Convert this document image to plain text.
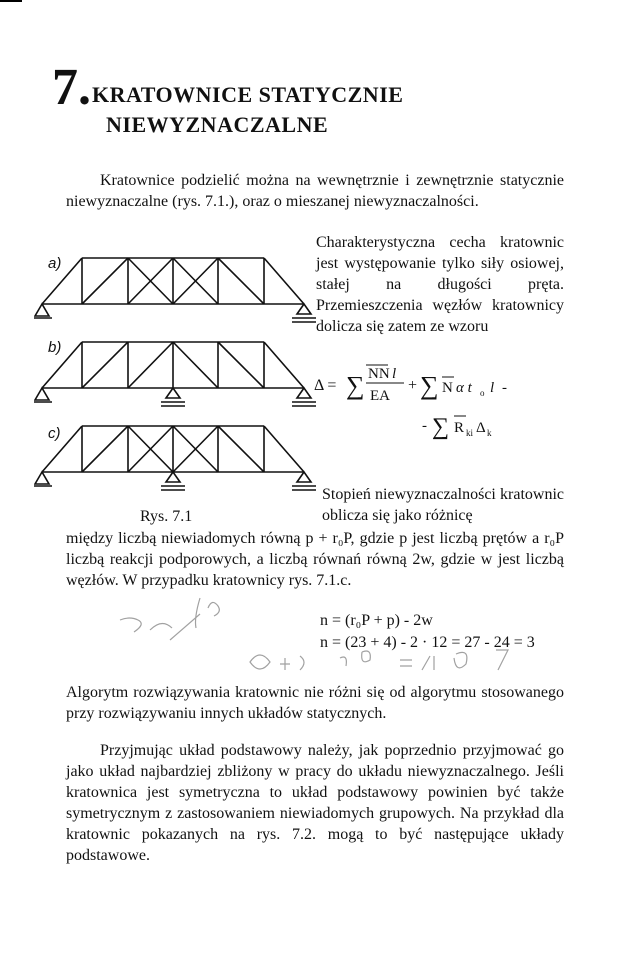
7. KRATOWNICE STATYCZNIE
NIEWYZNACZALNE
Kratownice podzielić można na wewnętrznie i zewnętrznie statycznie niewyznaczalne (rys. 7.1.), oraz o mieszanej niewyznaczalności.
a)
b)
c)
Charakterystyczna cecha kratownic jest występowanie tylko siły osiowej, stałej na długości pręta. Przemieszczenia węzłów kratownicy dolicza się zatem ze wzoru
Δ = ∑ NN l
EA
+ ∑ N α t o l -
- ∑ R ki Δ k
Stopień niewyznaczalności kratownic oblicza się jako różnicę
Rys. 7.1
między liczbą niewiadomych równą p + r₀P, gdzie p jest liczbą prętów a r₀P liczbą reakcji podporowych, a liczbą równań równą 2w, gdzie w jest liczbą węzłów. W przypadku kratownicy rys. 7.1.c.
n = (r₀P + p) - 2w
n = (23 + 4) - 2 · 12 = 27 - 24 = 3
Algorytm rozwiązywania kratownic nie różni się od algorytmu stosowanego przy rozwiązywaniu innych układów statycznych.
Przyjmując układ podstawowy należy, jak poprzednio przyjmować go jako układ najbardziej zbliżony w pracy do układu niewyznaczalnego. Jeśli kratownica jest symetryczna to układ podstawowy powinien być także symetrycznym z zastosowaniem niewiadomych grupowych. Na przykład dla kratownic pokazanych na rys. 7.2. mogą to być następujące układy podstawowe.
